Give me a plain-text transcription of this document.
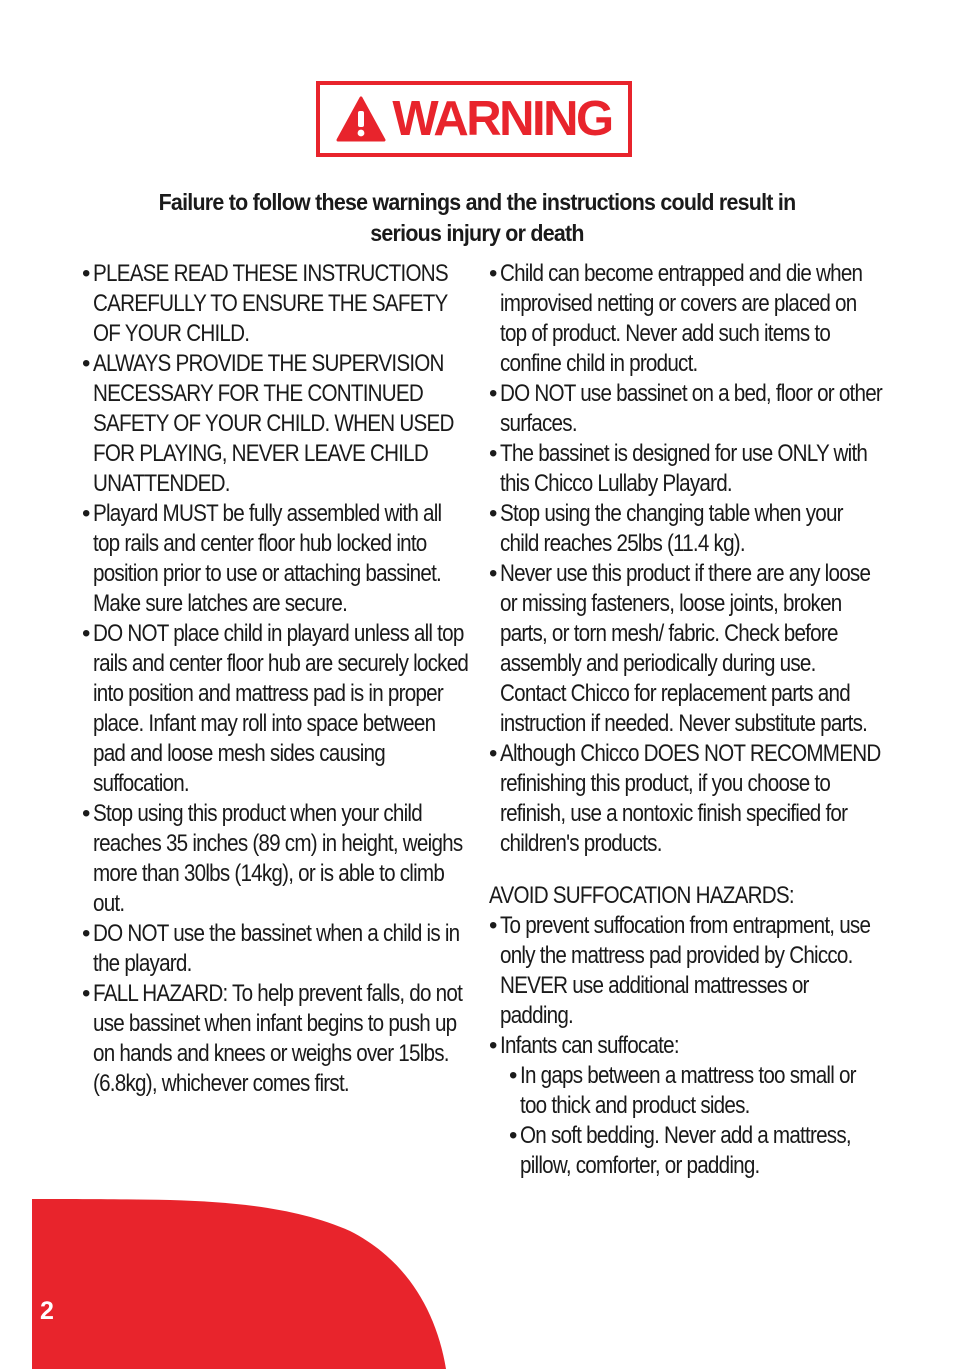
WARNING
Failure to follow these warnings and the instructions could result in
serious injury or death
• PLEASE READ THESE INSTRUCTIONS CAREFULLY TO ENSURE THE SAFETY OF YOUR CHILD.
• ALWAYS PROVIDE THE SUPERVISION NECESSARY FOR THE CONTINUED SAFETY OF YOUR CHILD. WHEN USED FOR PLAYING, NEVER LEAVE CHILD UNATTENDED.
• Playard MUST be fully assembled with all top rails and center floor hub locked into position prior to use or attaching bassinet. Make sure latches are secure.
• DO NOT place child in playard unless all top rails and center floor hub are securely locked into position and mattress pad is in proper place. Infant may roll into space between pad and loose mesh sides causing suffocation.
• Stop using this product when your child reaches 35 inches (89 cm) in height, weighs more than 30lbs (14kg), or is able to climb out.
• DO NOT use the bassinet when a child is in the playard.
• FALL HAZARD: To help prevent falls, do not use bassinet when infant begins to push up on hands and knees or weighs over 15lbs. (6.8kg), whichever comes first.
• Child can become entrapped and die when improvised netting or covers are placed on top of product. Never add such items to confine child in product.
• DO NOT use bassinet on a bed, floor or other surfaces.
• The bassinet is designed for use ONLY with this Chicco Lullaby Playard.
• Stop using the changing table when your child reaches 25lbs (11.4 kg).
• Never use this product if there are any loose or missing fasteners, loose joints, broken parts, or torn mesh/ fabric. Check before assembly and periodically during use. Contact Chicco for replacement parts and instruction if needed. Never substitute parts.
• Although Chicco DOES NOT RECOMMEND refinishing this product, if you choose to refinish, use a nontoxic finish specified for children's products.
AVOID SUFFOCATION HAZARDS:
• To prevent suffocation from entrapment, use only the mattress pad provided by Chicco. NEVER use additional mattresses or padding.
• Infants can suffocate:
• In gaps between a mattress too small or too thick and product sides.
• On soft bedding. Never add a mattress, pillow, comforter, or padding.
2
